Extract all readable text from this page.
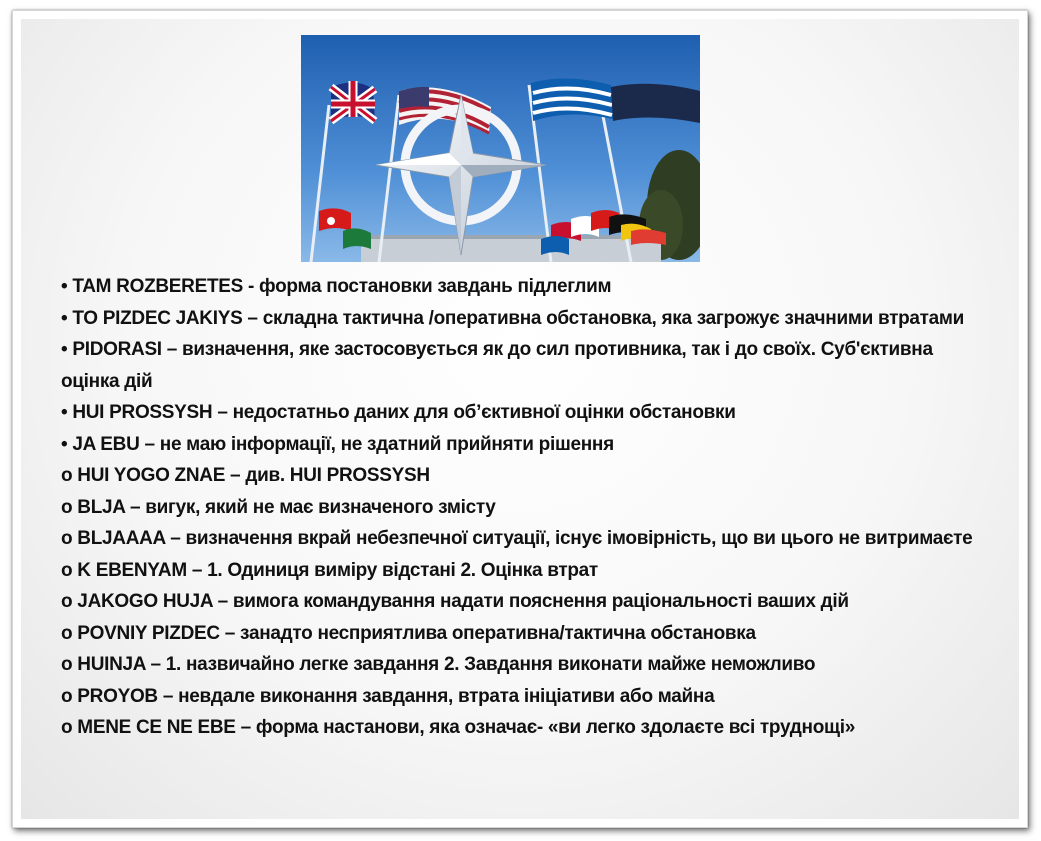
• TAM ROZBERETES - форма постановки завдань підлеглим
• TO PIZDEC JAKIYS – складна тактична /оперативна обстановка, яка загрожує значними втратами
• PIDORASI – визначення, яке застосовується як до сил противника, так і до своїх. Суб'єктивна оцінка дій
• HUI PROSSYSH – недостатньо даних для об’єктивної оцінки обстановки
• JA EBU – не маю інформації, не здатний прийняти рішення
o HUI YOGO ZNAE – див. HUI PROSSYSH
o BLJA – вигук, який не має визначеного змісту
o BLJAAAA – визначення вкрай небезпечної ситуації, існує імовірність, що ви цього не витримаєте
o K EBENYAM – 1. Одиниця виміру відстані 2. Оцінка втрат
o JAKOGO HUJA – вимога командування надати пояснення раціональності ваших дій
o POVNIY PIZDEC – занадто несприятлива оперативна/тактична обстановка
o HUINJA – 1. назвичайно легке завдання 2. Завдання виконати майже неможливо
o PROYOB – невдале виконання завдання, втрата ініціативи або майна
o MENE CE NE EBE – форма настанови, яка означає- «ви легко здолаєте всі труднощі»
